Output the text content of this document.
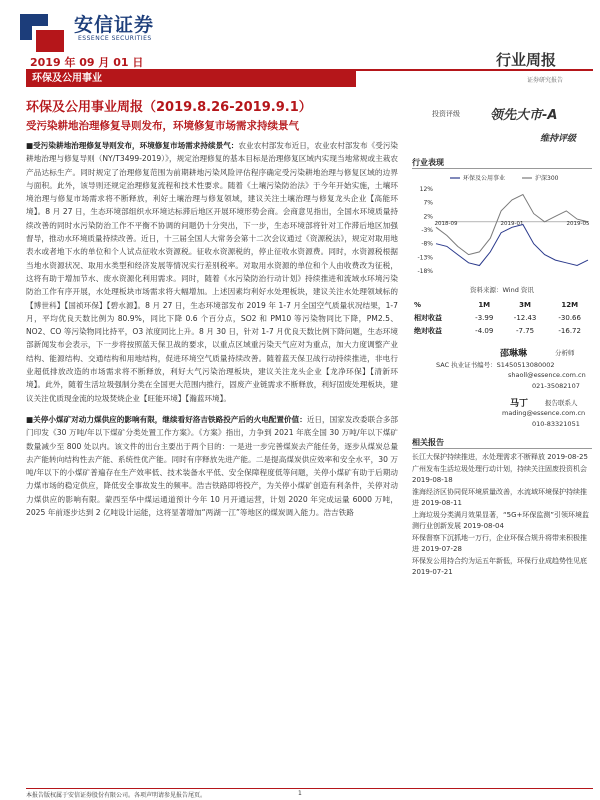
安信证券
ESSENCE SECURITIES
2019 年 09 月 01 日	行业周报
证券研究报告
环保及公用事业
环保及公用事业周报（2019.8.26-2019.9.1）
受污染耕地治理修复导则发布，环境修复市场需求持续景气

■受污染耕地治理修复导则发布，环境修复市场需求持续景气：农业农村部发布近日，农业农村部发布《受污染耕地治理与修复导则（NY/T3499-2019）》，规定治理修复的基本目标是治理修复区域内实现当地常规或主栽农产品达标生产。同时规定了治理修复范围为前期耕地污染风险评估程序确定受污染耕地治理与修复区域的边界与面积。此外，该导则还规定治理修复流程和技术性要求。随着《土壤污染防治法》于今年开始实施，土壤环境治理与修复市场需求将不断释放，利好土壤治理与修复领域，建议关注土壤治理与修复龙头企业【高能环境】。8 月 27 日，生态环境部组织水环境达标滞后地区开展环境形势会商。会商意见指出，全国水环境质量持续改善的同时水污染防治工作不平衡不协调的问题仍十分突出，下一步，生态环境部将针对工作滞后地区加强督导，推动水环境质量持续改善。近日，十三届全国人大常务会第十二次会议通过《资源税法》，规定对取用地表水或者地下水的单位和个人试点征收水资源税。征收水资源税的，停止征收水资源费。同时，水资源税根据当地水资源状况、取用水类型和经济发展等情况实行差别税率。对取用水资源的单位和个人由收费改为征税，这将有助于增加节水、废水资源化利用需求。同时，随着《水污染防治行动计划》持续推进和流域水环境污染防治工作有序开展，水处理板块市场需求将大幅增加。上述因素均利好水处理板块，建议关注水处理领域标的【博世科】【国祯环保】【碧水源】。8 月 27 日，生态环境部发布 2019 年 1-7 月全国空气质量状况结果，1-7 月，平均优良天数比例为 80.9%，同比下降 0.6 个百分点，SO2 和 PM10 等污染物同比下降，PM2.5、NO2、CO 等污染物同比持平，O3 浓度同比上升。8 月 30 日，针对 1-7 月优良天数比例下降问题，生态环境部新闻发布会表示，下一步将按照蓝天保卫战的要求，以重点区域重污染天气应对为重点，加大力度调整产业结构、能源结构、交通结构和用地结构，促进环境空气质量持续改善。随着蓝天保卫战行动持续推进，非电行业超低排放改造的市场需求将不断释放，利好大气污染治理板块，建议关注龙头企业【龙净环保】【清新环境】。此外，随着生活垃圾强制分类在全国更大范围内推行，固废产业链需求不断释放，利好固废处理板块，建议关注优质现金流的垃圾焚烧企业【旺能环境】【瀚蓝环境】。

■关停小煤矿对动力煤供应的影响有限，继续看好洛吉铁路投产后的火电配置价值：近日，国家发改委联合多部门印发《30 万吨/年以下煤矿分类处置工作方案》。《方案》指出，力争到 2021 年底全国 30 万吨/年以下煤矿数量减少至 800 处以内。该文件的出台主要出于两个目的：一是进一步完善煤炭去产能任务，逐步从煤炭总量去产能转向结构性去产能、系统性优产能。同时有序释放先进产能。二是提高煤炭供应效率和安全水平，30 万吨/年以下的小煤矿普遍存在生产效率低、技术装备水平低、安全保障程度低等问题，关停小煤矿有助于后期动力煤市场的稳定供应，降低安全事故发生的频率。浩吉铁路即将投产，为关停小煤矿创造有利条件，关停对动力煤供应的影响有限。蒙西至华中煤运通道预计今年 10 月开通运营，计划 2020 年完成运量 6000 万吨，2025 年前逐步达到 2 亿吨设计运能，这将显著增加“两湖一江”等地区的煤炭调入能力。浩吉铁路

投资评级 领先大市-A
维持评级
行业表现
12%
7%
2%
-3%
-8%
-13%
-18%
2018-09	2019-01	2019-05
环保及公用事业	沪深300
资料来源：Wind 资讯
%	1M	3M	12M
相对收益	-3.99	-12.43	-30.66
绝对收益	-4.09	-7.75	-16.72
邵琳琳	分析师
SAC 执业证书编号：S1450513080002
shaoll@essence.com.cn
021-35082107
马丁	报告联系人
mading@essence.com.cn
010-83321051
相关报告
长江大保护持续推进，水处理需求不断释放 2019-08-25
广州发布生活垃圾处理行动计划，持续关注固废投资机会 2019-08-18
淮海经济区协同促环境质量改善，水流域环境保护持续推进 2019-08-11
上海垃圾分类满月效果显著，“5G+环保监测”引领环境监测行业创新发展 2019-08-04
环保督察下沉抓地一万行，企业环保合规升将带来积极推进 2019-07-28
环保发公用持合约为运五年新低，环保行业成趋势性见底 2019-07-21
本报告版权属于安信证券股份有限公司。各项声明请参见报告尾页。	1
